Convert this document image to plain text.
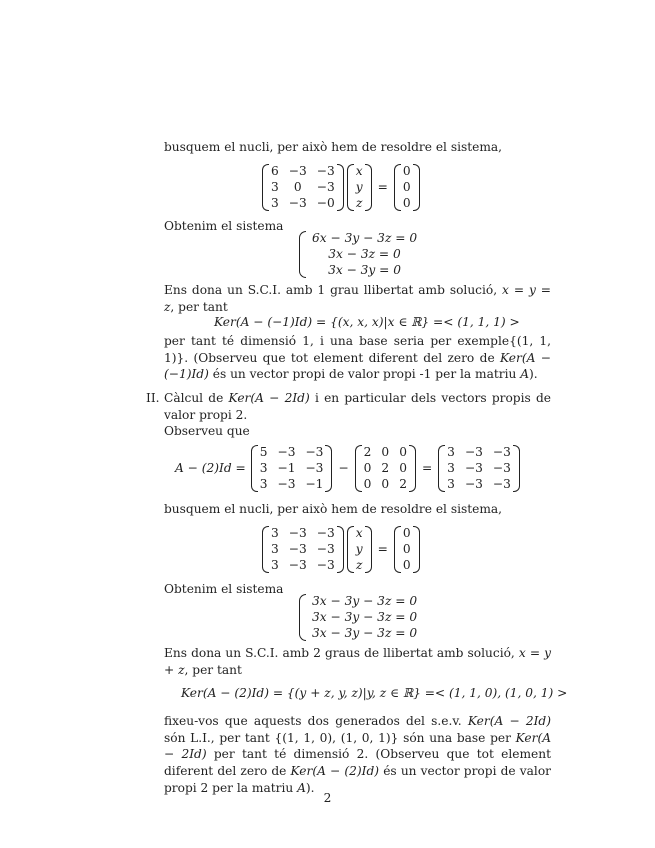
busquem el nucli, per això hem de resoldre el sistema,
6 −3 −3
3	0	−3
3 −3 −0
x
y
z
=
0
0
0
Obtenim el sistema
6x − 3y − 3z = 0
3x − 3z = 0
3x − 3y = 0
Ens dona un S.C.I. amb 1 grau llibertat amb solució, x = y = z, per tant
Ker(A − (−1)Id) = {(x, x, x)|x ∈ ℝ} =< (1, 1, 1) >
per tant té dimensió 1, i una base seria per exemple{(1, 1, 1)}. (Observeu que tot element diferent del zero de Ker(A − (−1)Id) és un vector propi de valor propi -1 per la matriu A).
II. Càlcul de Ker(A − 2Id) i en particular dels vectors propis de valor propi 2.
Observeu que
A − (2)Id =
5 −3 −3
3 −1 −3
3 −3 −1
−
2 0 0
0 2 0
0 0 2
=
3 −3 −3
3 −3 −3
3 −3 −3
busquem el nucli, per això hem de resoldre el sistema,
3 −3 −3
3 −3 −3
3 −3 −3
x
y
z
=
0
0
0
Obtenim el sistema
3x − 3y − 3z = 0
3x − 3y − 3z = 0
3x − 3y − 3z = 0
Ens dona un S.C.I. amb 2 graus de llibertat amb solució, x = y + z, per tant
Ker(A − (2)Id) = {(y + z, y, z)|y, z ∈ ℝ} =< (1, 1, 0), (1, 0, 1) >
fixeu-vos que aquests dos generados del s.e.v. Ker(A − 2Id) són L.I., per tant {(1, 1, 0), (1, 0, 1)} són una base per Ker(A − 2Id) per tant té dimensió 2. (Observeu que tot element diferent del zero de Ker(A − (2)Id) és un vector propi de valor propi 2 per la matriu A).
2
